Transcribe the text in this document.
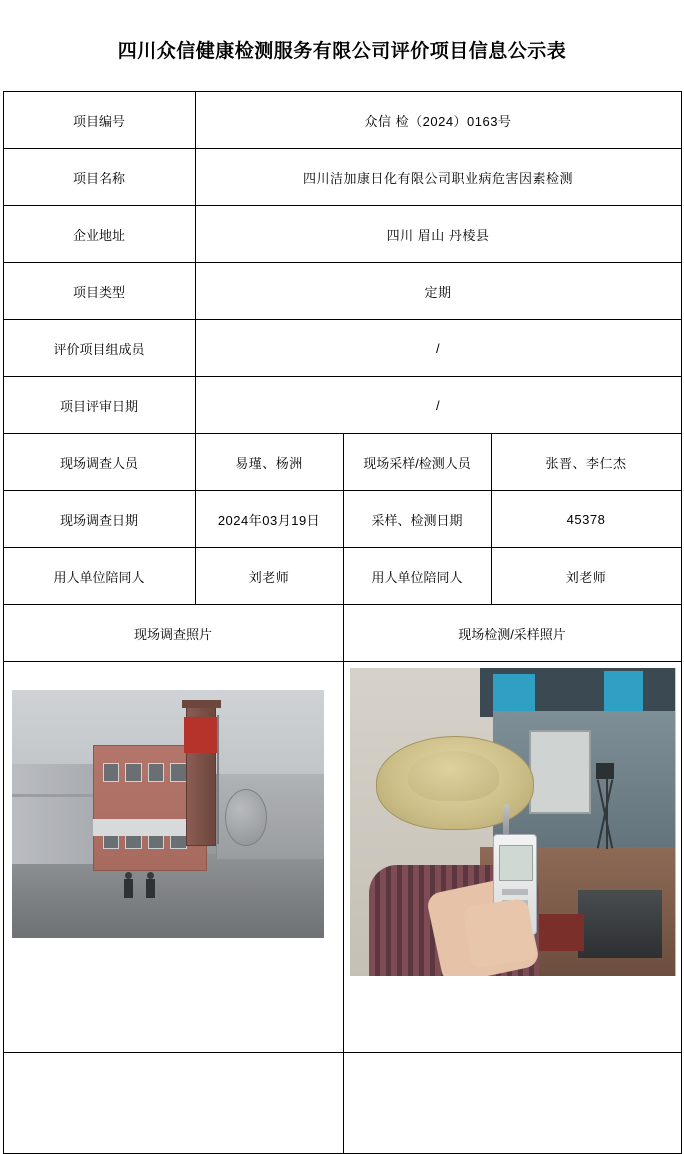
四川众信健康检测服务有限公司评价项目信息公示表
项目编号	众信 检（2024）0163号		
项目名称	四川洁加康日化有限公司职业病危害因素检测		
企业地址	四川 眉山 丹棱县		
项目类型	定期		
评价项目组成员	/		
项目评审日期	/		
现场调查人员	易瑾、杨洲	现场采样/检测人员	张晋、李仁杰
现场调查日期	2024年03月19日	采样、检测日期	45378
用人单位陪同人	刘老师	用人单位陪同人	刘老师
现场调查照片		现场检测/采样照片	
